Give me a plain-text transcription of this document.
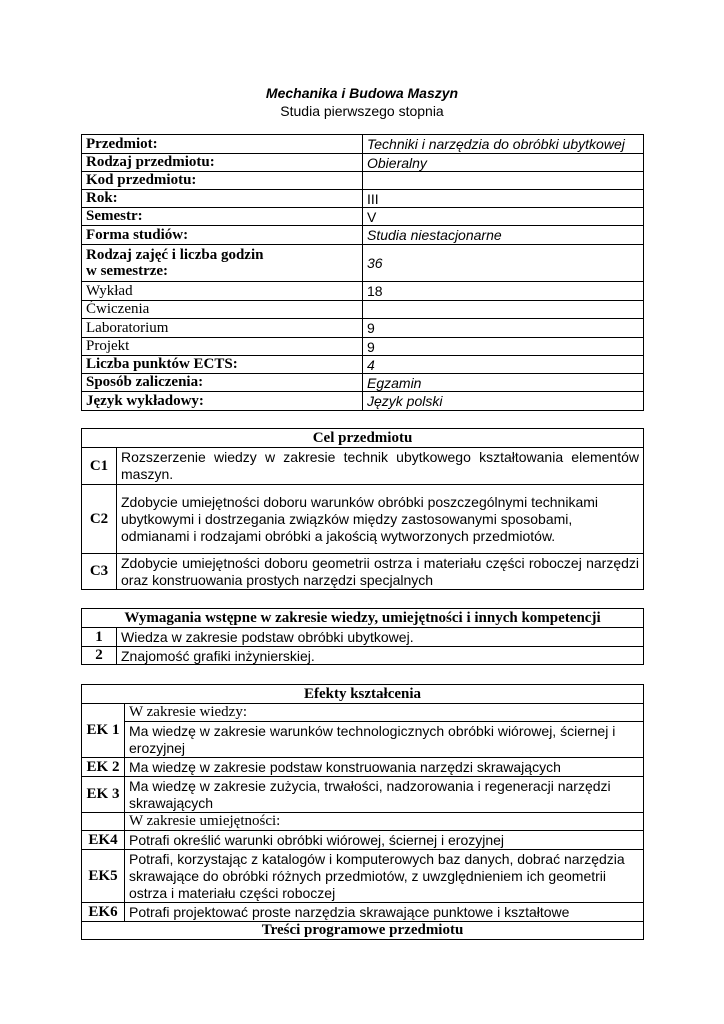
Mechanika i Budowa Maszyn
Studia pierwszego stopnia
Przedmiot:	Techniki i narzędzia do obróbki ubytkowej
Rodzaj przedmiotu:	Obieralny
Kod przedmiotu:	
Rok:	III
Semestr:	V
Forma studiów:	Studia niestacjonarne

Rodzaj zajęć i liczba godzin
w semestrze:	36
Wykład	18
Ćwiczenia	
Laboratorium	9
Projekt	9
Liczba punktów ECTS:	4
Sposób zaliczenia:	Egzamin
Język wykładowy:	Język polski
Cel przedmiotu	
C1	Rozszerzenie wiedzy w zakresie technik ubytkowego kształtowania elementów maszyn.
C2	Zdobycie umiejętności doboru warunków obróbki poszczególnymi technikami ubytkowymi i dostrzegania związków między zastosowanymi sposobami, odmianami i rodzajami obróbki a jakością wytworzonych przedmiotów.
C3	Zdobycie umiejętności doboru geometrii ostrza i materiału części roboczej narzędzi oraz konstruowania prostych narzędzi specjalnych
Wymagania wstępne w zakresie wiedzy, umiejętności i innych kompetencji	
1	Wiedza w zakresie podstaw obróbki ubytkowej.
2	Znajomość grafiki inżynierskiej.
Efekty kształcenia	
EK 1	W zakresie wiedzy:
	Ma wiedzę w zakresie warunków technologicznych obróbki wiórowej, ściernej i erozyjnej
EK 2	Ma wiedzę w zakresie podstaw konstruowania narzędzi skrawających
EK 3	Ma wiedzę w zakresie zużycia, trwałości, nadzorowania i regeneracji narzędzi skrawających
	W zakresie umiejętności:
EK4	Potrafi określić warunki obróbki wiórowej, ściernej i erozyjnej
EK5	Potrafi, korzystając z katalogów i komputerowych baz danych, dobrać narzędzia skrawające do obróbki różnych przedmiotów, z uwzględnieniem ich geometrii ostrza i materiału części roboczej
EK6	Potrafi projektować proste narzędzia skrawające punktowe i kształtowe
Treści programowe przedmiotu	
